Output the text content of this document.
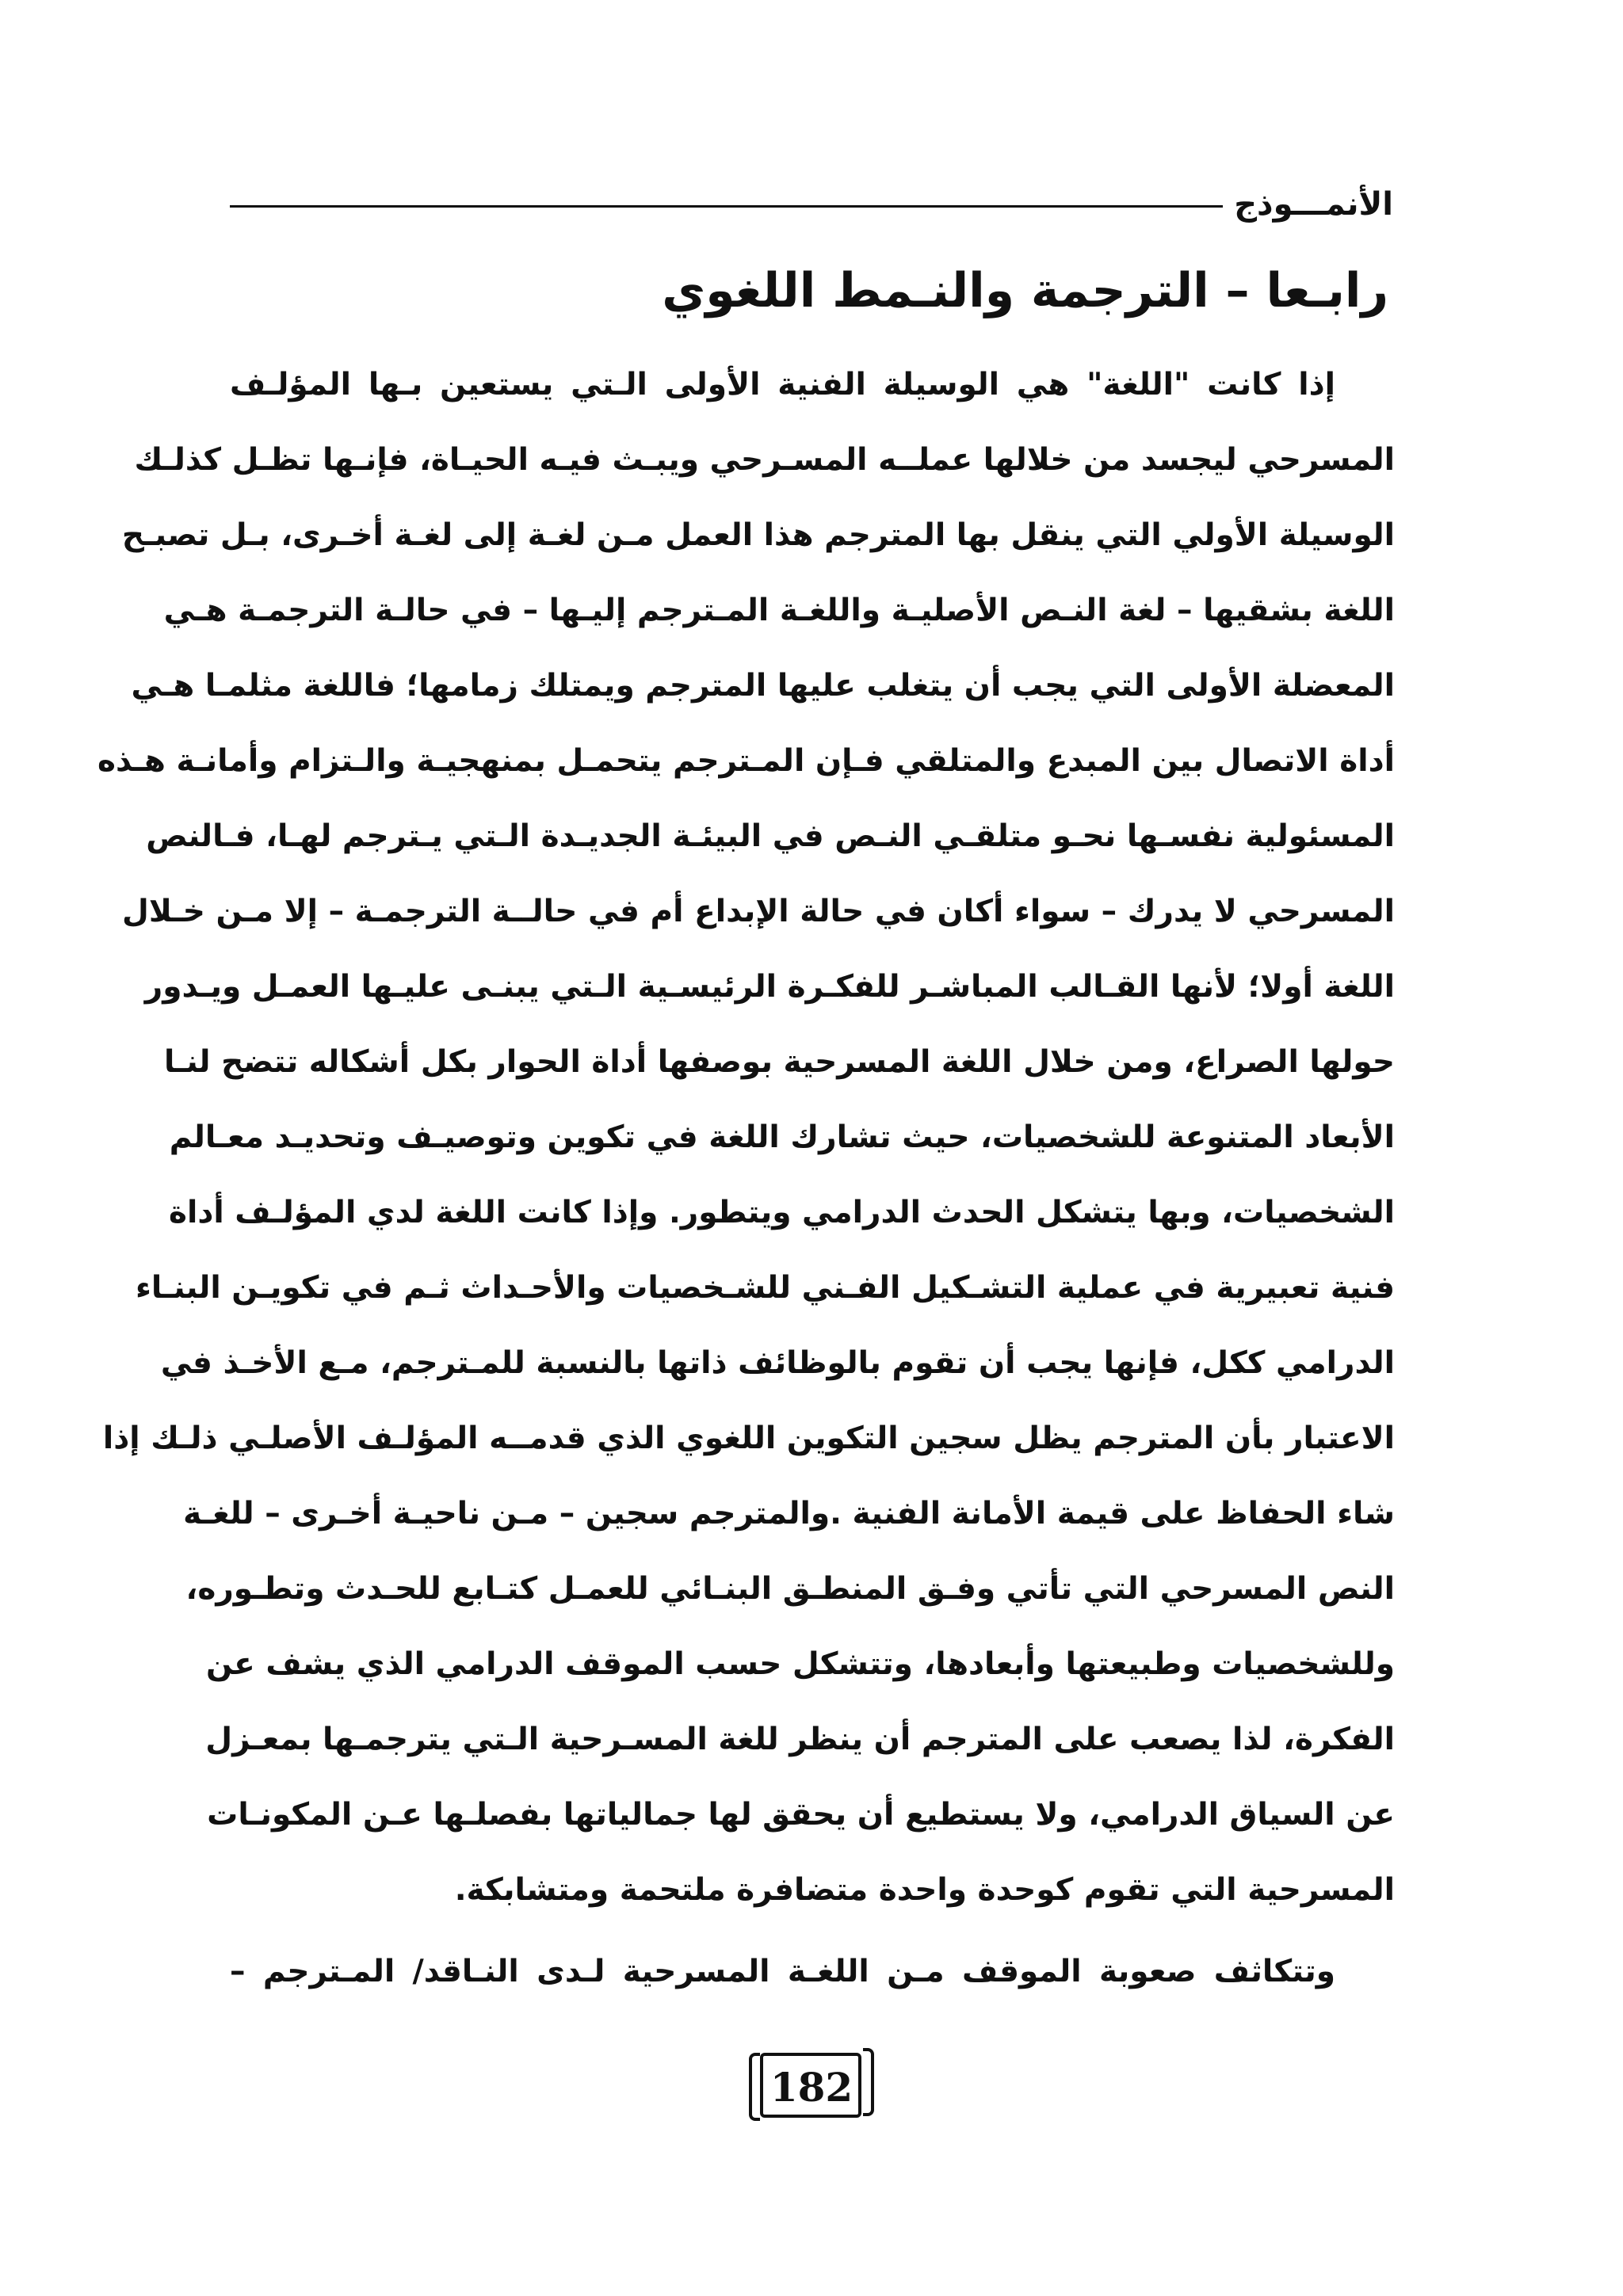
الأنمـــوذج
رابـعا – الترجمة والنـمط اللغوي
إذا كانت "اللغة" هي الوسيلة الفنية الأولى الـتي يستعين بـها المؤلـف
المسرحي ليجسد من خلالها عملــه المسـرحي ويبـث فيـه الحيـاة، فإنـها تظـل كذلـك
الوسيلة الأولي التي ينقل بها المترجم هذا العمل مـن لغـة إلى لغـة أخـرى، بـل تصبـح
اللغة بشقيها – لغة النـص الأصليـة واللغـة المـترجم إليـها – في حالـة الترجمـة هـي
المعضلة الأولى التي يجب أن يتغلب عليها المترجم ويمتلك زمامها؛ فاللغة مثلمـا هـي
أداة الاتصال بين المبدع والمتلقي فـإن المـترجم يتحمـل بمنهجيـة والـتزام وأمانـة هـذه
المسئولية نفسـها نحـو متلقـي النـص في البيئـة الجديـدة الـتي يـترجم لهـا، فـالنص
المسرحي لا يدرك – سواء أكان في حالة الإبداع أم في حالــة الترجمـة – إلا مـن خـلال
اللغة أولا؛ لأنها القـالب المباشـر للفكـرة الرئيسـية الـتي يبنـى عليـها العمـل ويـدور
حولها الصراع، ومن خلال اللغة المسرحية بوصفها أداة الحوار بكل أشكاله تتضح لنـا
الأبعاد المتنوعة للشخصيات، حيث تشارك اللغة في تكوين وتوصيـف وتحديـد معـالم
الشخصيات، وبها يتشكل الحدث الدرامي ويتطور. وإذا كانت اللغة لدي المؤلـف أداة
فنية تعبيرية في عملية التشـكيل الفـني للشـخصيات والأحـداث ثـم في تكويـن البنـاء
الدرامي ككل، فإنها يجب أن تقوم بالوظائف ذاتها بالنسبة للمـترجم، مـع الأخـذ في
الاعتبار بأن المترجم يظل سجين التكوين اللغوي الذي قدمــه المؤلـف الأصلـي ذلـك إذا
شاء الحفاظ على قيمة الأمانة الفنية .والمترجم سجين – مـن ناحيـة أخـرى – للغـة
النص المسرحي التي تأتي وفـق المنطـق البنـائي للعمـل كتـابع للحـدث وتطـوره،
وللشخصيات وطبيعتها وأبعادها، وتتشكل حسب الموقف الدرامي الذي يشف عن
الفكرة، لذا يصعب على المترجم أن ينظر للغة المسـرحية الـتي يترجمـها بمعـزل
عن السياق الدرامي، ولا يستطيع أن يحقق لها جمالياتها بفصلـها عـن المكونـات
المسرحية التي تقوم كوحدة واحدة متضافرة ملتحمة ومتشابكة.
وتتكاثف صعوبة الموقف مـن اللغـة المسرحية لـدى النـاقد/ المـترجم –
182
